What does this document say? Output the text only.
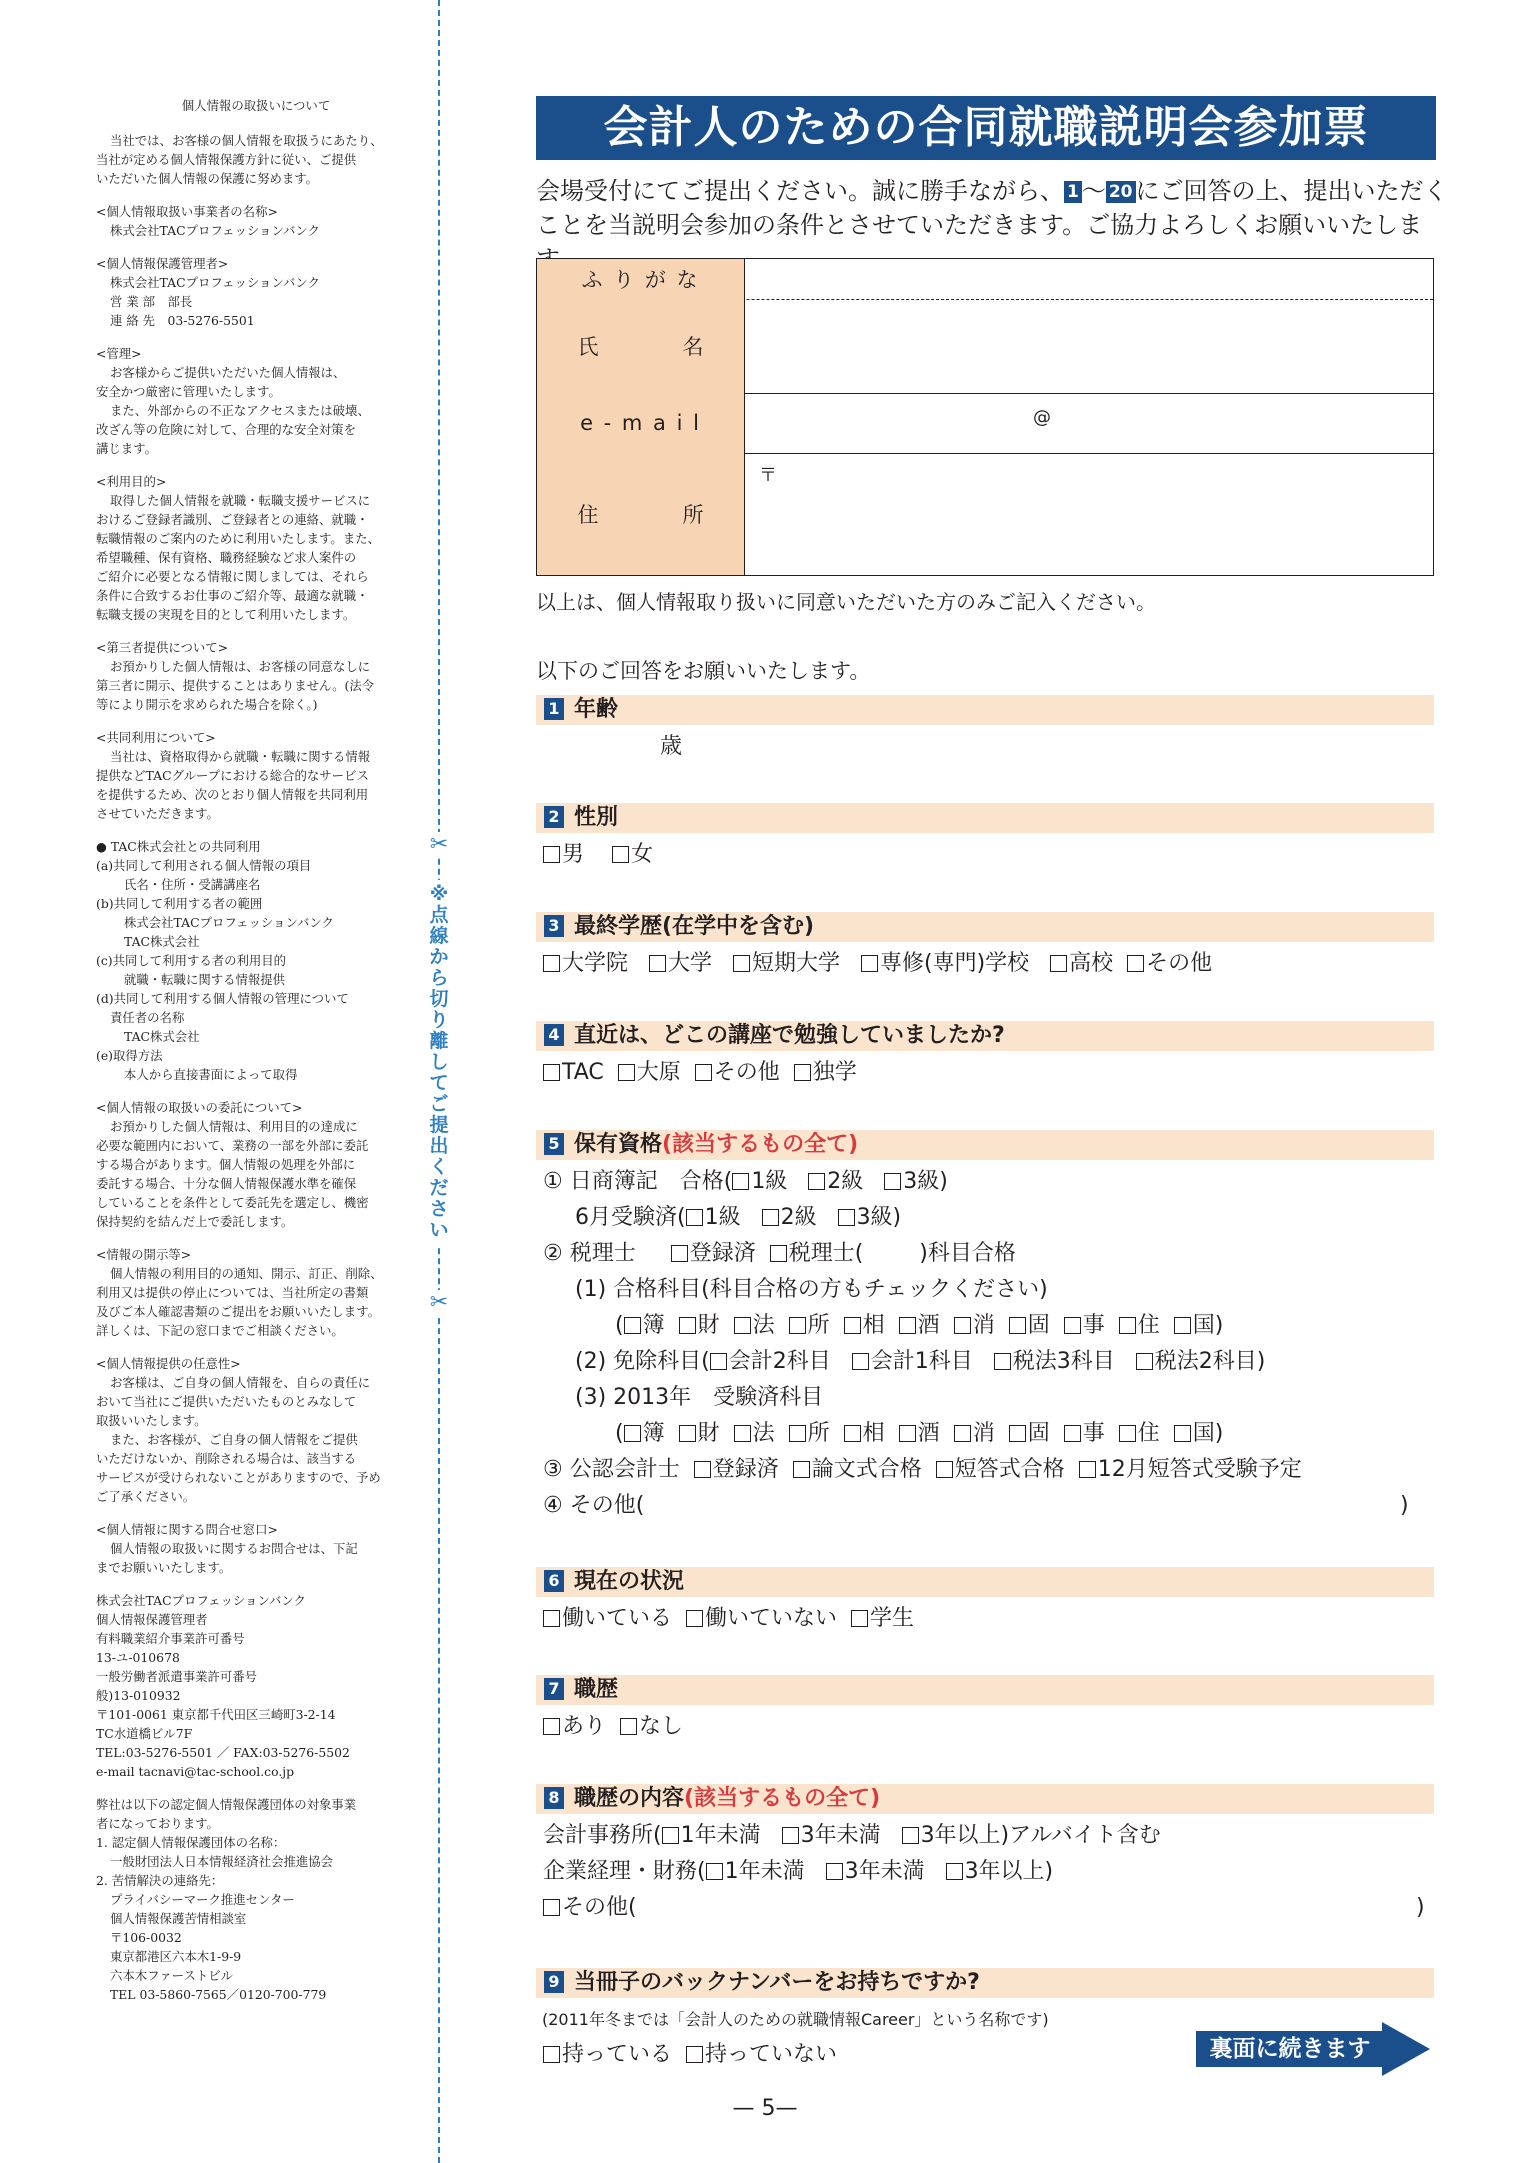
個人情報の取扱いについて

当社では、お客様の個人情報を取扱うにあたり、

当社が定める個人情報保護方針に従い、ご提供

いただいた個人情報の保護に努めます。

<個人情報取扱い事業者の名称>

株式会社TACプロフェッションバンク

<個人情報保護管理者>

株式会社TACプロフェッションバンク

営 業 部　部長

連 絡 先　03-5276-5501

<管理>

お客様からご提供いただいた個人情報は、

安全かつ厳密に管理いたします。

また、外部からの不正なアクセスまたは破壊、

改ざん等の危険に対して、合理的な安全対策を

講じます。

<利用目的>

取得した個人情報を就職・転職支援サービスに

おけるご登録者識別、ご登録者との連絡、就職・

転職情報のご案内のために利用いたします。また、

希望職種、保有資格、職務経験など求人案件の

ご紹介に必要となる情報に関しましては、それら

条件に合致するお仕事のご紹介等、最適な就職・

転職支援の実現を目的として利用いたします。

<第三者提供について>

お預かりした個人情報は、お客様の同意なしに

第三者に開示、提供することはありません。(法令

等により開示を求められた場合を除く。)

<共同利用について>

当社は、資格取得から就職・転職に関する情報

提供などTACグループにおける総合的なサービス

を提供するため、次のとおり個人情報を共同利用

させていただきます。

● TAC株式会社との共同利用

(a)共同して利用される個人情報の項目

氏名・住所・受講講座名

(b)共同して利用する者の範囲

株式会社TACプロフェッションバンク

TAC株式会社

(c)共同して利用する者の利用目的

就職・転職に関する情報提供

(d)共同して利用する個人情報の管理について

責任者の名称

TAC株式会社

(e)取得方法

本人から直接書面によって取得

<個人情報の取扱いの委託について>

お預かりした個人情報は、利用目的の達成に

必要な範囲内において、業務の一部を外部に委託

する場合があります。個人情報の処理を外部に

委託する場合、十分な個人情報保護水準を確保

していることを条件として委託先を選定し、機密

保持契約を結んだ上で委託します。

<情報の開示等>

個人情報の利用目的の通知、開示、訂正、削除、

利用又は提供の停止については、当社所定の書類

及びご本人確認書類のご提出をお願いいたします。

詳しくは、下記の窓口までご相談ください。

<個人情報提供の任意性>

お客様は、ご自身の個人情報を、自らの責任に

おいて当社にご提供いただいたものとみなして

取扱いいたします。

また、お客様が、ご自身の個人情報をご提供

いただけないか、削除される場合は、該当する

サービスが受けられないことがありますので、予め

ご了承ください。

<個人情報に関する問合せ窓口>

個人情報の取扱いに関するお問合せは、下記

までお願いいたします。

株式会社TACプロフェッションバンク

個人情報保護管理者

有料職業紹介事業許可番号

13-ユ-010678

一般労働者派遣事業許可番号

般)13-010932

〒101-0061 東京都千代田区三崎町3-2-14

TC水道橋ビル7F

TEL:03-5276-5501 ／ FAX:03-5276-5502

e-mail tacnavi@tac-school.co.jp

弊社は以下の認定個人情報保護団体の対象事業

者になっております。

1. 認定個人情報保護団体の名称：

一般財団法人日本情報経済社会推進協会

2. 苦情解決の連絡先：

プライバシーマーク推進センター

個人情報保護苦情相談室

〒106-0032

東京都港区六本木1-9-9

六本木ファーストビル

TEL 03-5860-7565／0120-700-779

✂
※点線から切り離してご提出ください
✂
会計人のための合同就職説明会参加票
会場受付にてご提出ください。誠に勝手ながら、 1 ～ 20 にご回答の上、提出いただく
ことを当説明会参加の条件とさせていただきます。ご協力よろしくお願いいたしま
ふ り が な
氏　　　　名
e - m a i l	@
住　　　　所
〒
以上は、個人情報取り扱いに同意いただいた方のみご記入ください。
以下のご回答をお願いいたします。
1 年齢
歳
2 性別
男 女
3 最終学歴(在学中を含む)
大学院 大学 短期大学 専修(専門)学校 高校 その他
4 直近は、どこの講座で勉強していましたか?
TAC 大原 その他 独学
5 保有資格(該当するもの全て)
① 日商簿記　合格( 1級 2級 3級)
6月受験済( 1級 2級 3級)
② 税理士 登録済 税理士(	)科目合格
(1) 合格科目(科目合格の方もチェックください)
( 簿 財 法 所 相 酒 消 固 事 住 国)
(2) 免除科目( 会計2科目 会計1科目 税法3科目 税法2科目)
(3) 2013年　受験済科目
( 簿 財 法 所 相 酒 消 固 事 住 国)
③ 公認会計士 登録済 論文式合格 短答式合格 12月短答式受験予定
④ その他(	)
6 現在の状況
働いている 働いていない 学生
7 職歴
あり なし
8 職歴の内容(該当するもの全て)
会計事務所( 1年未満 3年未満 3年以上)アルバイト含む
企業経理・財務( 1年未満 3年未満 3年以上)
その他(	)
9 当冊子のバックナンバーをお持ちですか?
(2011年冬までは「会計人のための就職情報Career」という名称です)
持っている 持っていない	裏面に続きます
— 5—
